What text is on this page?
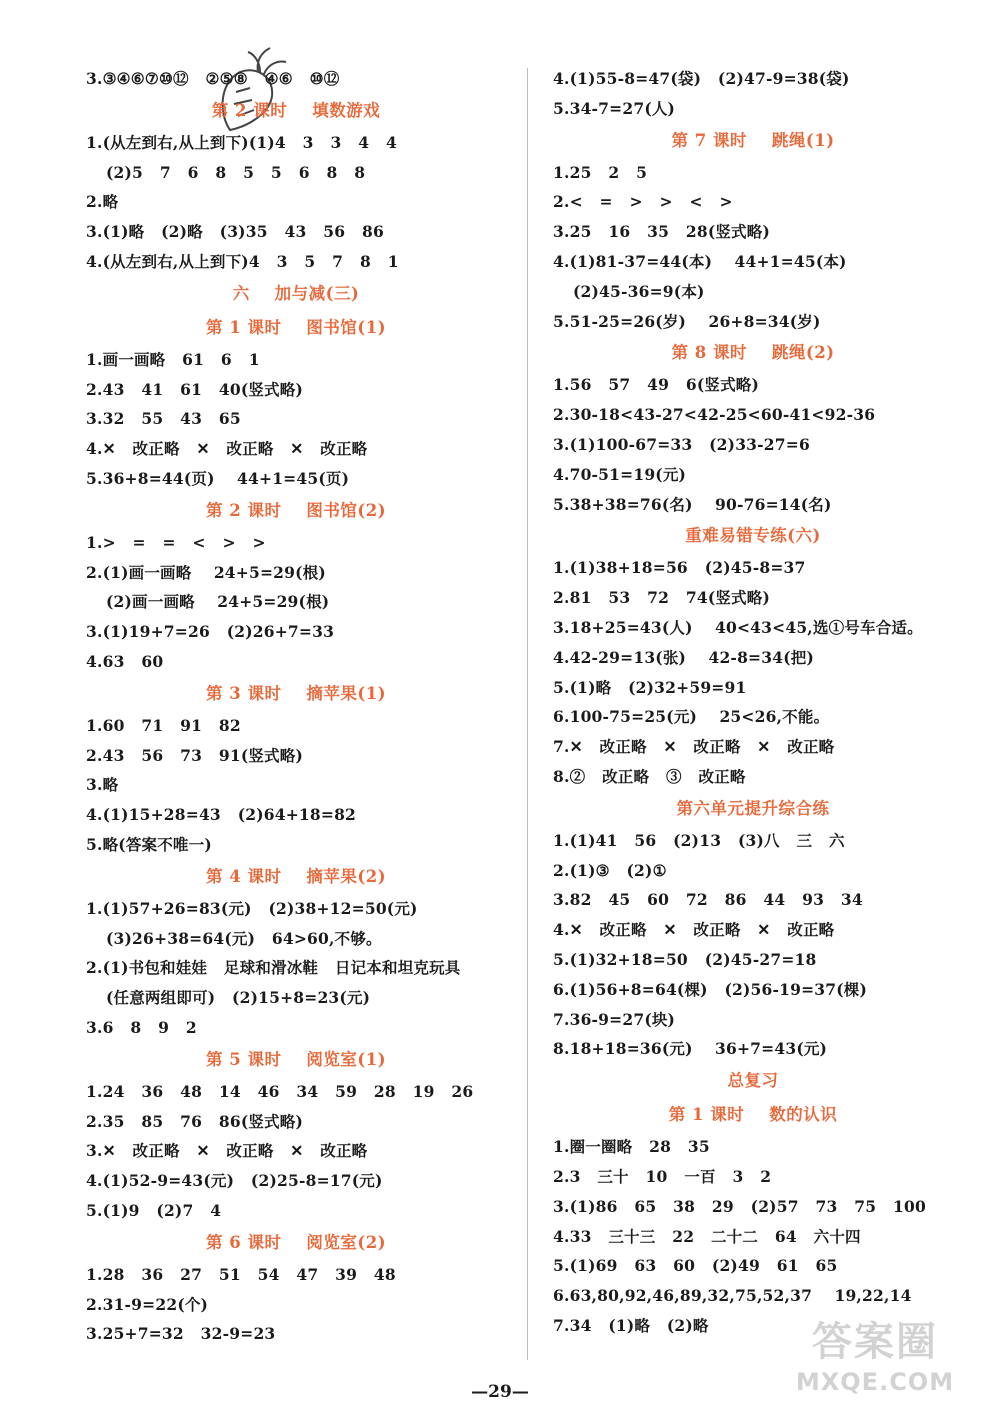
3.③④⑥⑦⑩⑫   ②⑤⑧   ④⑥   ⑩⑫
第 2 课时    填数游戏
1.(从左到右,从上到下)(1)4   3   3   4   4
(2)5   7   6   8   5   5   6   8   8
2.略
3.(1)略   (2)略   (3)35   43   56   86
4.(从左到右,从上到下)4   3   5   7   8   1
六    加与减(三)
第 1 课时    图书馆(1)
1.画一画略   61   6   1
2.43   41   61   40(竖式略)
3.32   55   43   65
4.✕   改正略   ✕   改正略   ✕   改正略
5.36+8=44(页)    44+1=45(页)
第 2 课时    图书馆(2)
1.>   =   =   <   >   >
2.(1)画一画略    24+5=29(根)
(2)画一画略    24+5=29(根)
3.(1)19+7=26   (2)26+7=33
4.63   60
第 3 课时    摘苹果(1)
1.60   71   91   82
2.43   56   73   91(竖式略)
3.略
4.(1)15+28=43   (2)64+18=82
5.略(答案不唯一)
第 4 课时    摘苹果(2)
1.(1)57+26=83(元)   (2)38+12=50(元)
(3)26+38=64(元)   64>60,不够。
2.(1)书包和娃娃   足球和滑冰鞋   日记本和坦克玩具
(任意两组即可)   (2)15+8=23(元)
3.6   8   9   2
第 5 课时    阅览室(1)
1.24   36   48   14   46   34   59   28   19   26
2.35   85   76   86(竖式略)
3.✕   改正略   ✕   改正略   ✕   改正略
4.(1)52-9=43(元)   (2)25-8=17(元)
5.(1)9   (2)7   4
第 6 课时    阅览室(2)
1.28   36   27   51   54   47   39   48
2.31-9=22(个)
3.25+7=32   32-9=23
4.(1)55-8=47(袋)   (2)47-9=38(袋)
5.34-7=27(人)
第 7 课时    跳绳(1)
1.25   2   5
2.<   =   >   >   <   >
3.25   16   35   28(竖式略)
4.(1)81-37=44(本)    44+1=45(本)
(2)45-36=9(本)
5.51-25=26(岁)    26+8=34(岁)
第 8 课时    跳绳(2)
1.56   57   49   6(竖式略)
2.30-18<43-27<42-25<60-41<92-36
3.(1)100-67=33   (2)33-27=6
4.70-51=19(元)
5.38+38=76(名)    90-76=14(名)
重难易错专练(六)
1.(1)38+18=56   (2)45-8=37
2.81   53   72   74(竖式略)
3.18+25=43(人)    40<43<45,选①号车合适。
4.42-29=13(张)    42-8=34(把)
5.(1)略   (2)32+59=91
6.100-75=25(元)    25<26,不能。
7.✕   改正略   ✕   改正略   ✕   改正略
8.②   改正略   ③   改正略
第六单元提升综合练
1.(1)41   56   (2)13   (3)八   三   六
2.(1)③   (2)①
3.82   45   60   72   86   44   93   34
4.✕   改正略   ✕   改正略   ✕   改正略
5.(1)32+18=50   (2)45-27=18
6.(1)56+8=64(棵)   (2)56-19=37(棵)
7.36-9=27(块)
8.18+18=36(元)    36+7=43(元)
总复习
第 1 课时    数的认识
1.圈一圈略   28   35
2.3   三十   10   一百   3   2
3.(1)86   65   38   29   (2)57   73   75   100
4.33   三十三   22   二十二   64   六十四
5.(1)69   63   60   (2)49   61   65
6.63,80,92,46,89,32,75,52,37    19,22,14
7.34   (1)略   (2)略
—29—
答案圈
MXQE.COM
